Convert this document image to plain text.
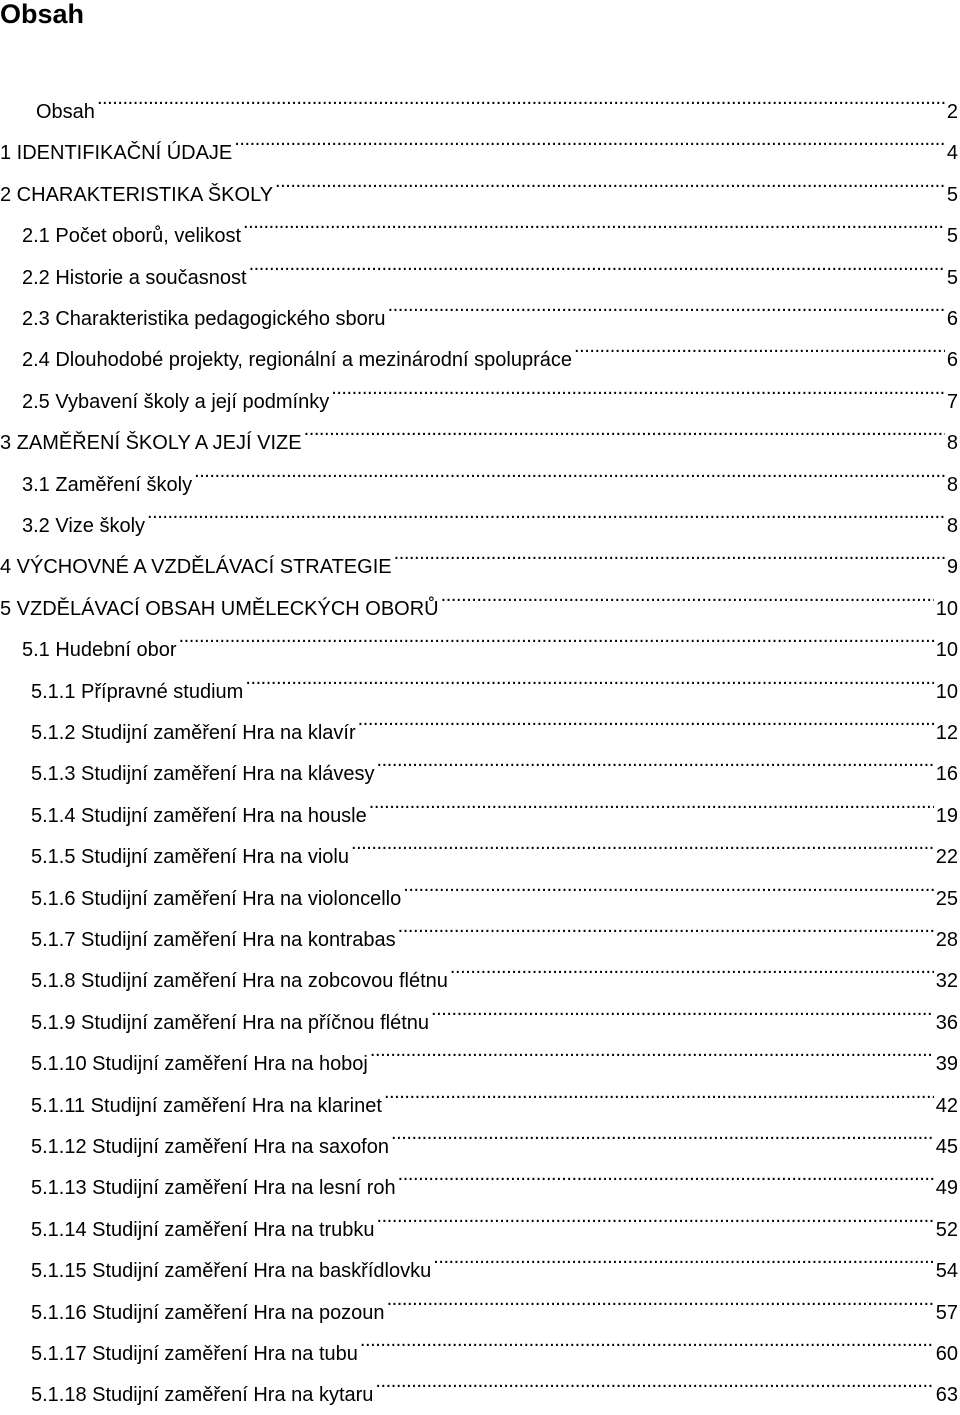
Obsah
Obsah . . .	2
1 IDENTIFIKAČNÍ ÚDAJE . . .	4
2 CHARAKTERISTIKA ŠKOLY . . .	5
2.1 Počet oborů, velikost . . .	5
2.2 Historie a současnost . . .	5
2.3 Charakteristika pedagogického sboru . . .	6
2.4 Dlouhodobé projekty, regionální a mezinárodní spolupráce . . .	6
2.5 Vybavení školy a její podmínky . . .	7
3 ZAMĚŘENÍ ŠKOLY A JEJÍ VIZE . . .	8
3.1 Zaměření školy . . .	8
3.2 Vize školy . . .	8
4 VÝCHOVNÉ A VZDĚLÁVACÍ STRATEGIE . . .	9
5 VZDĚLÁVACÍ OBSAH UMĚLECKÝCH OBORŮ . . .	10
5.1 Hudební obor . . .	10
5.1.1 Přípravné studium . . .	10
5.1.2 Studijní zaměření Hra na klavír . . .	12
5.1.3 Studijní zaměření Hra na klávesy . . .	16
5.1.4 Studijní zaměření Hra na housle . . .	19
5.1.5 Studijní zaměření Hra na violu . . .	22
5.1.6 Studijní zaměření Hra na violoncello . . .	25
5.1.7 Studijní zaměření Hra na kontrabas . . .	28
5.1.8 Studijní zaměření Hra na zobcovou flétnu . . .	32
5.1.9 Studijní zaměření Hra na příčnou flétnu . . .	36
5.1.10 Studijní zaměření Hra na hoboj . . .	39
5.1.11 Studijní zaměření Hra na klarinet . . .	42
5.1.12 Studijní zaměření Hra na saxofon . . .	45
5.1.13 Studijní zaměření Hra na lesní roh . . .	49
5.1.14 Studijní zaměření Hra na trubku . . .	52
5.1.15 Studijní zaměření Hra na baskřídlovku . . .	54
5.1.16 Studijní zaměření Hra na pozoun . . .	57
5.1.17 Studijní zaměření Hra na tubu . . .	60
5.1.18 Studijní zaměření Hra na kytaru . . .	63
